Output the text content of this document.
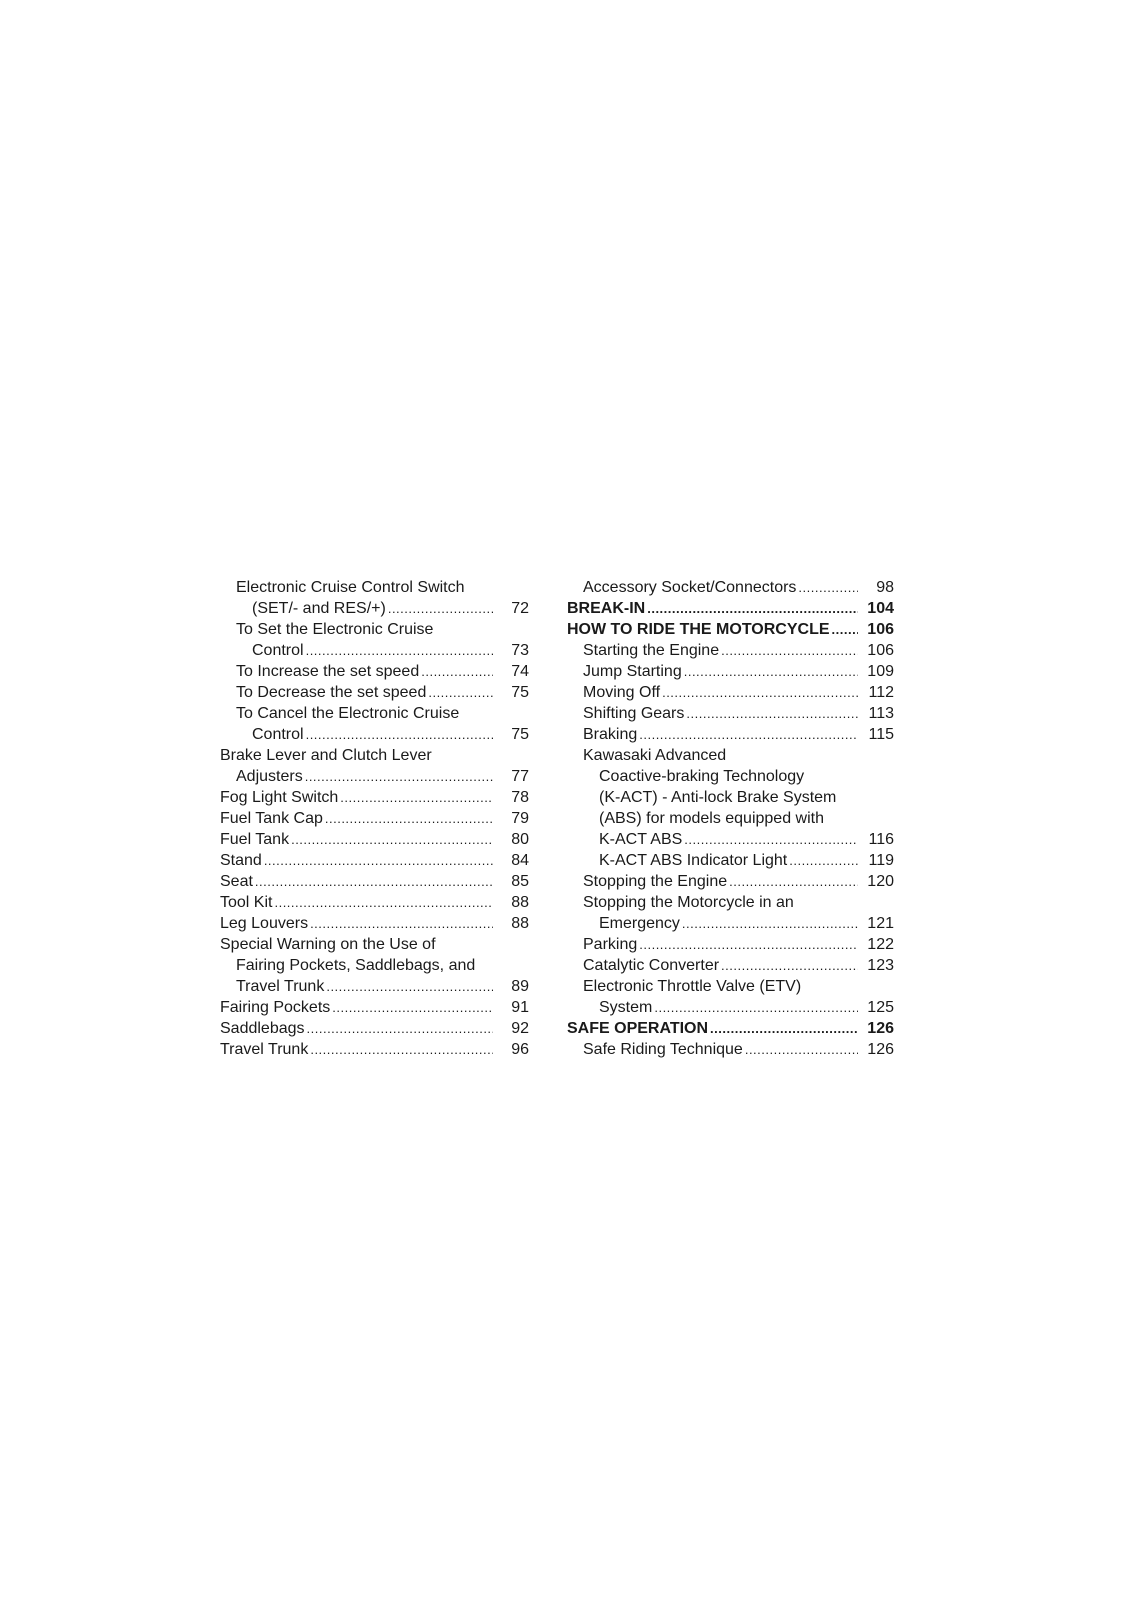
Electronic Cruise Control Switch
(SET/- and RES/+) .....	72
To Set the Electronic Cruise
Control .....	73
To Increase the set speed .....	74
To Decrease the set speed .....	75
To Cancel the Electronic Cruise
Control .....	75
Brake Lever and Clutch Lever
Adjusters .....	77
Fog Light Switch .....	78
Fuel Tank Cap .....	79
Fuel Tank .....	80
Stand .....	84
Seat .....	85
Tool Kit .....	88
Leg Louvers .....	88
Special Warning on the Use of
Fairing Pockets, Saddlebags, and
Travel Trunk .....	89
Fairing Pockets .....	91
Saddlebags .....	92
Travel Trunk .....	96
Accessory Socket/Connectors .....	98
BREAK-IN .....	104
HOW TO RIDE THE MOTORCYCLE .....	106
Starting the Engine .....	106
Jump Starting .....	109
Moving Off .....	112
Shifting Gears .....	113
Braking .....	115
Kawasaki Advanced
Coactive-braking Technology
(K-ACT) - Anti-lock Brake System
(ABS) for models equipped with
K-ACT ABS .....	116
K-ACT ABS Indicator Light .....	119
Stopping the Engine .....	120
Stopping the Motorcycle in an
Emergency .....	121
Parking .....	122
Catalytic Converter .....	123
Electronic Throttle Valve (ETV)
System .....	125
SAFE OPERATION .....	126
Safe Riding Technique .....	126
